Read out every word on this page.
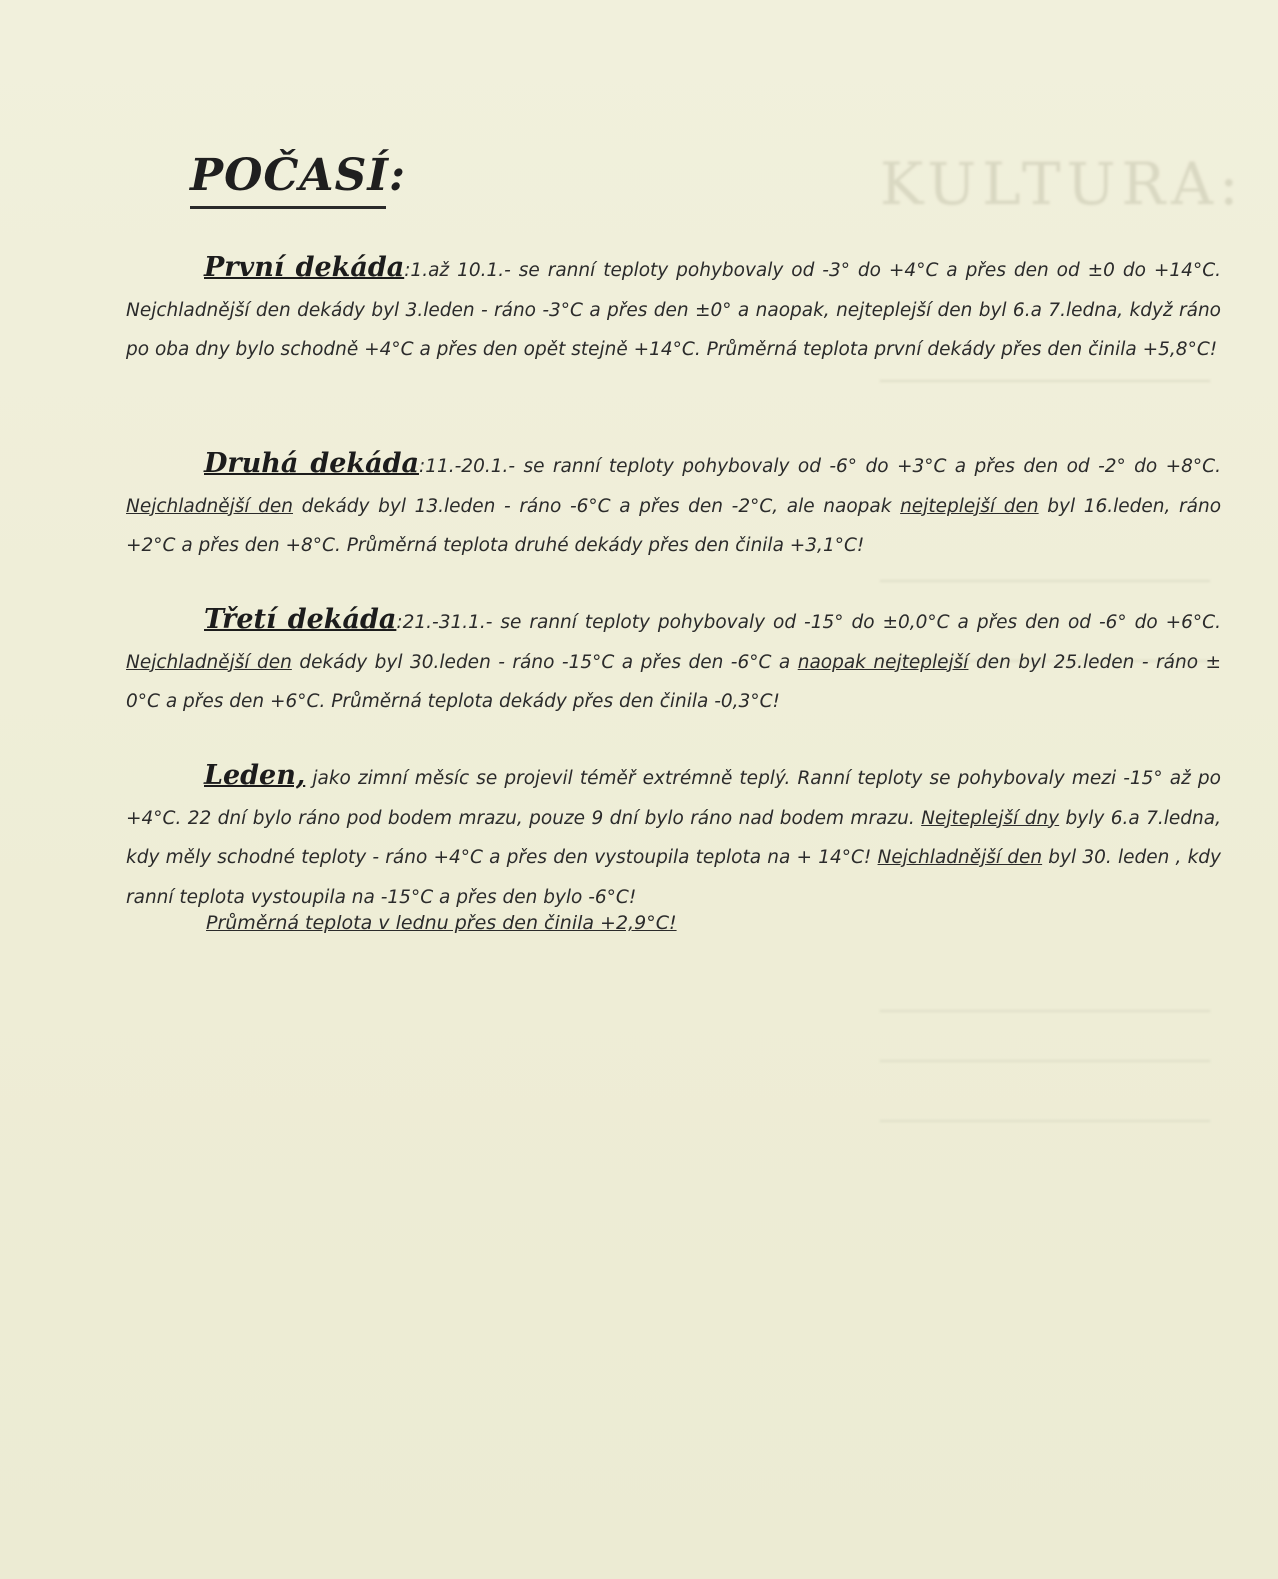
KULTURA:
POČASÍ:
První dekáda:1.až 10.1.- se ranní teploty pohybovaly od -3° do +4°C a přes den od ±0 do +14°C. Nejchladnější den dekády byl 3.leden - ráno -3°C a přes den ±0° a naopak, nejteplejší den byl 6.a 7.ledna, když ráno po oba dny bylo schodně +4°C a přes den opět stejně +14°C. Průměrná teplota první dekády přes den činila +5,8°C!
Druhá dekáda:11.-20.1.- se ranní teploty pohybovaly od -6° do +3°C a přes den od -2° do +8°C. Nejchladnější den dekády byl 13.leden - ráno -6°C a přes den -2°C, ale naopak nejteplejší den byl 16.leden, ráno +2°C a přes den +8°C. Průměrná teplota druhé dekády přes den činila +3,1°C!
Třetí dekáda:21.-31.1.- se ranní teploty pohybovaly od -15° do ±0,0°C a přes den od -6° do +6°C. Nejchladnější den dekády byl 30.leden - ráno -15°C a přes den -6°C a naopak nejteplejší den byl 25.leden - ráno ± 0°C a přes den +6°C. Průměrná teplota dekády přes den činila -0,3°C!
Leden, jako zimní měsíc se projevil téměř extrémně teplý. Ranní teploty se pohybovaly mezi -15° až po +4°C. 22 dní bylo ráno pod bodem mrazu, pouze 9 dní bylo ráno nad bodem mrazu. Nejteplejší dny byly 6.a 7.ledna, kdy měly schodné teploty - ráno +4°C a přes den vystoupila teplota na + 14°C! Nejchladnější den byl 30. leden , kdy ranní teplota vystoupila na -15°C a přes den bylo -6°C!
Průměrná teplota v lednu přes den činila +2,9°C!
